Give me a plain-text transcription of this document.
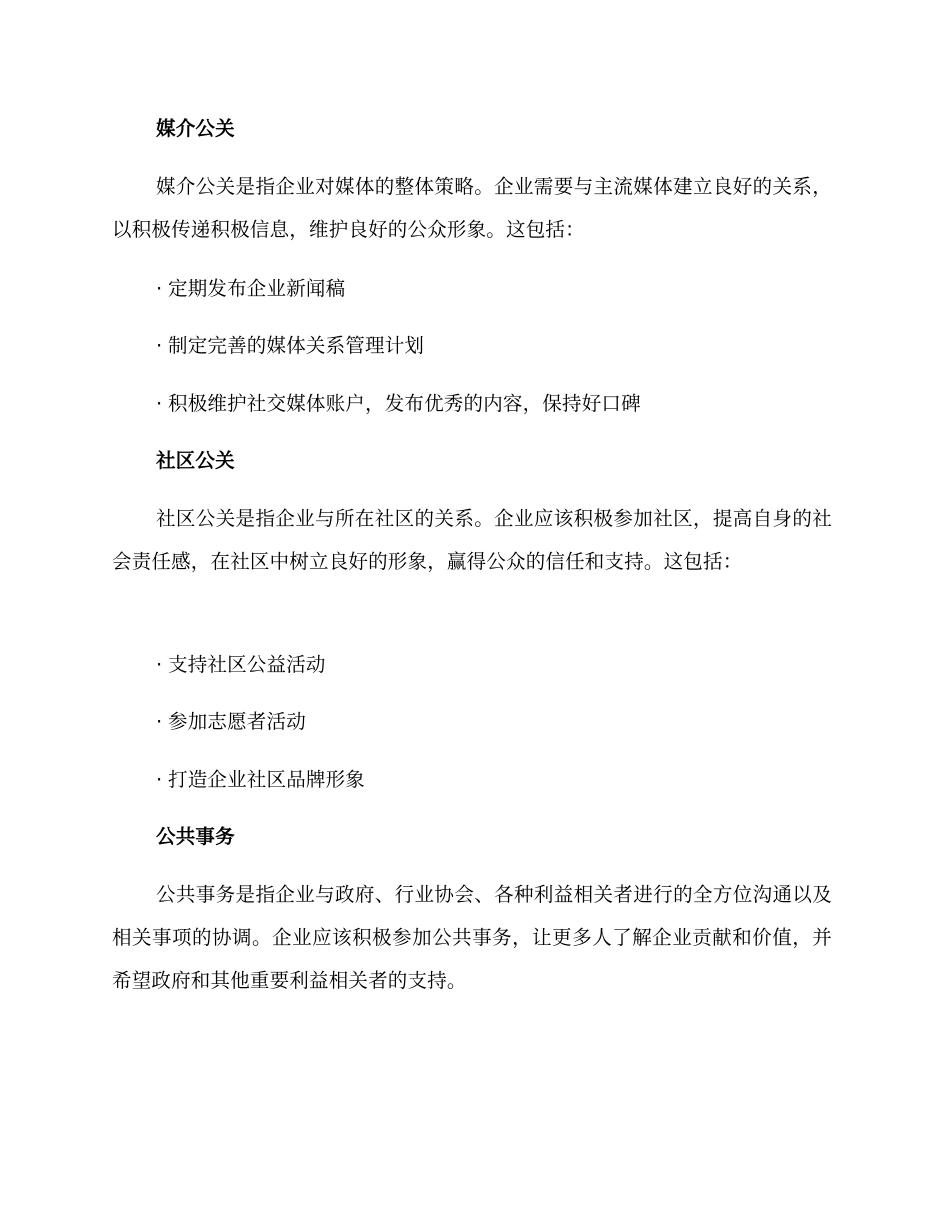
媒介公关
媒介公关是指企业对媒体的整体策略。企业需要与主流媒体建立良好的关系，以积极传递积极信息，维护良好的公众形象。这包括：
· 定期发布企业新闻稿
· 制定完善的媒体关系管理计划
· 积极维护社交媒体账户，发布优秀的内容，保持好口碑
社区公关
社区公关是指企业与所在社区的关系。企业应该积极参加社区，提高自身的社会责任感，在社区中树立良好的形象，赢得公众的信任和支持。这包括：
· 支持社区公益活动
· 参加志愿者活动
· 打造企业社区品牌形象
公共事务
公共事务是指企业与政府、行业协会、各种利益相关者进行的全方位沟通以及相关事项的协调。企业应该积极参加公共事务，让更多人了解企业贡献和价值，并希望政府和其他重要利益相关者的支持。
